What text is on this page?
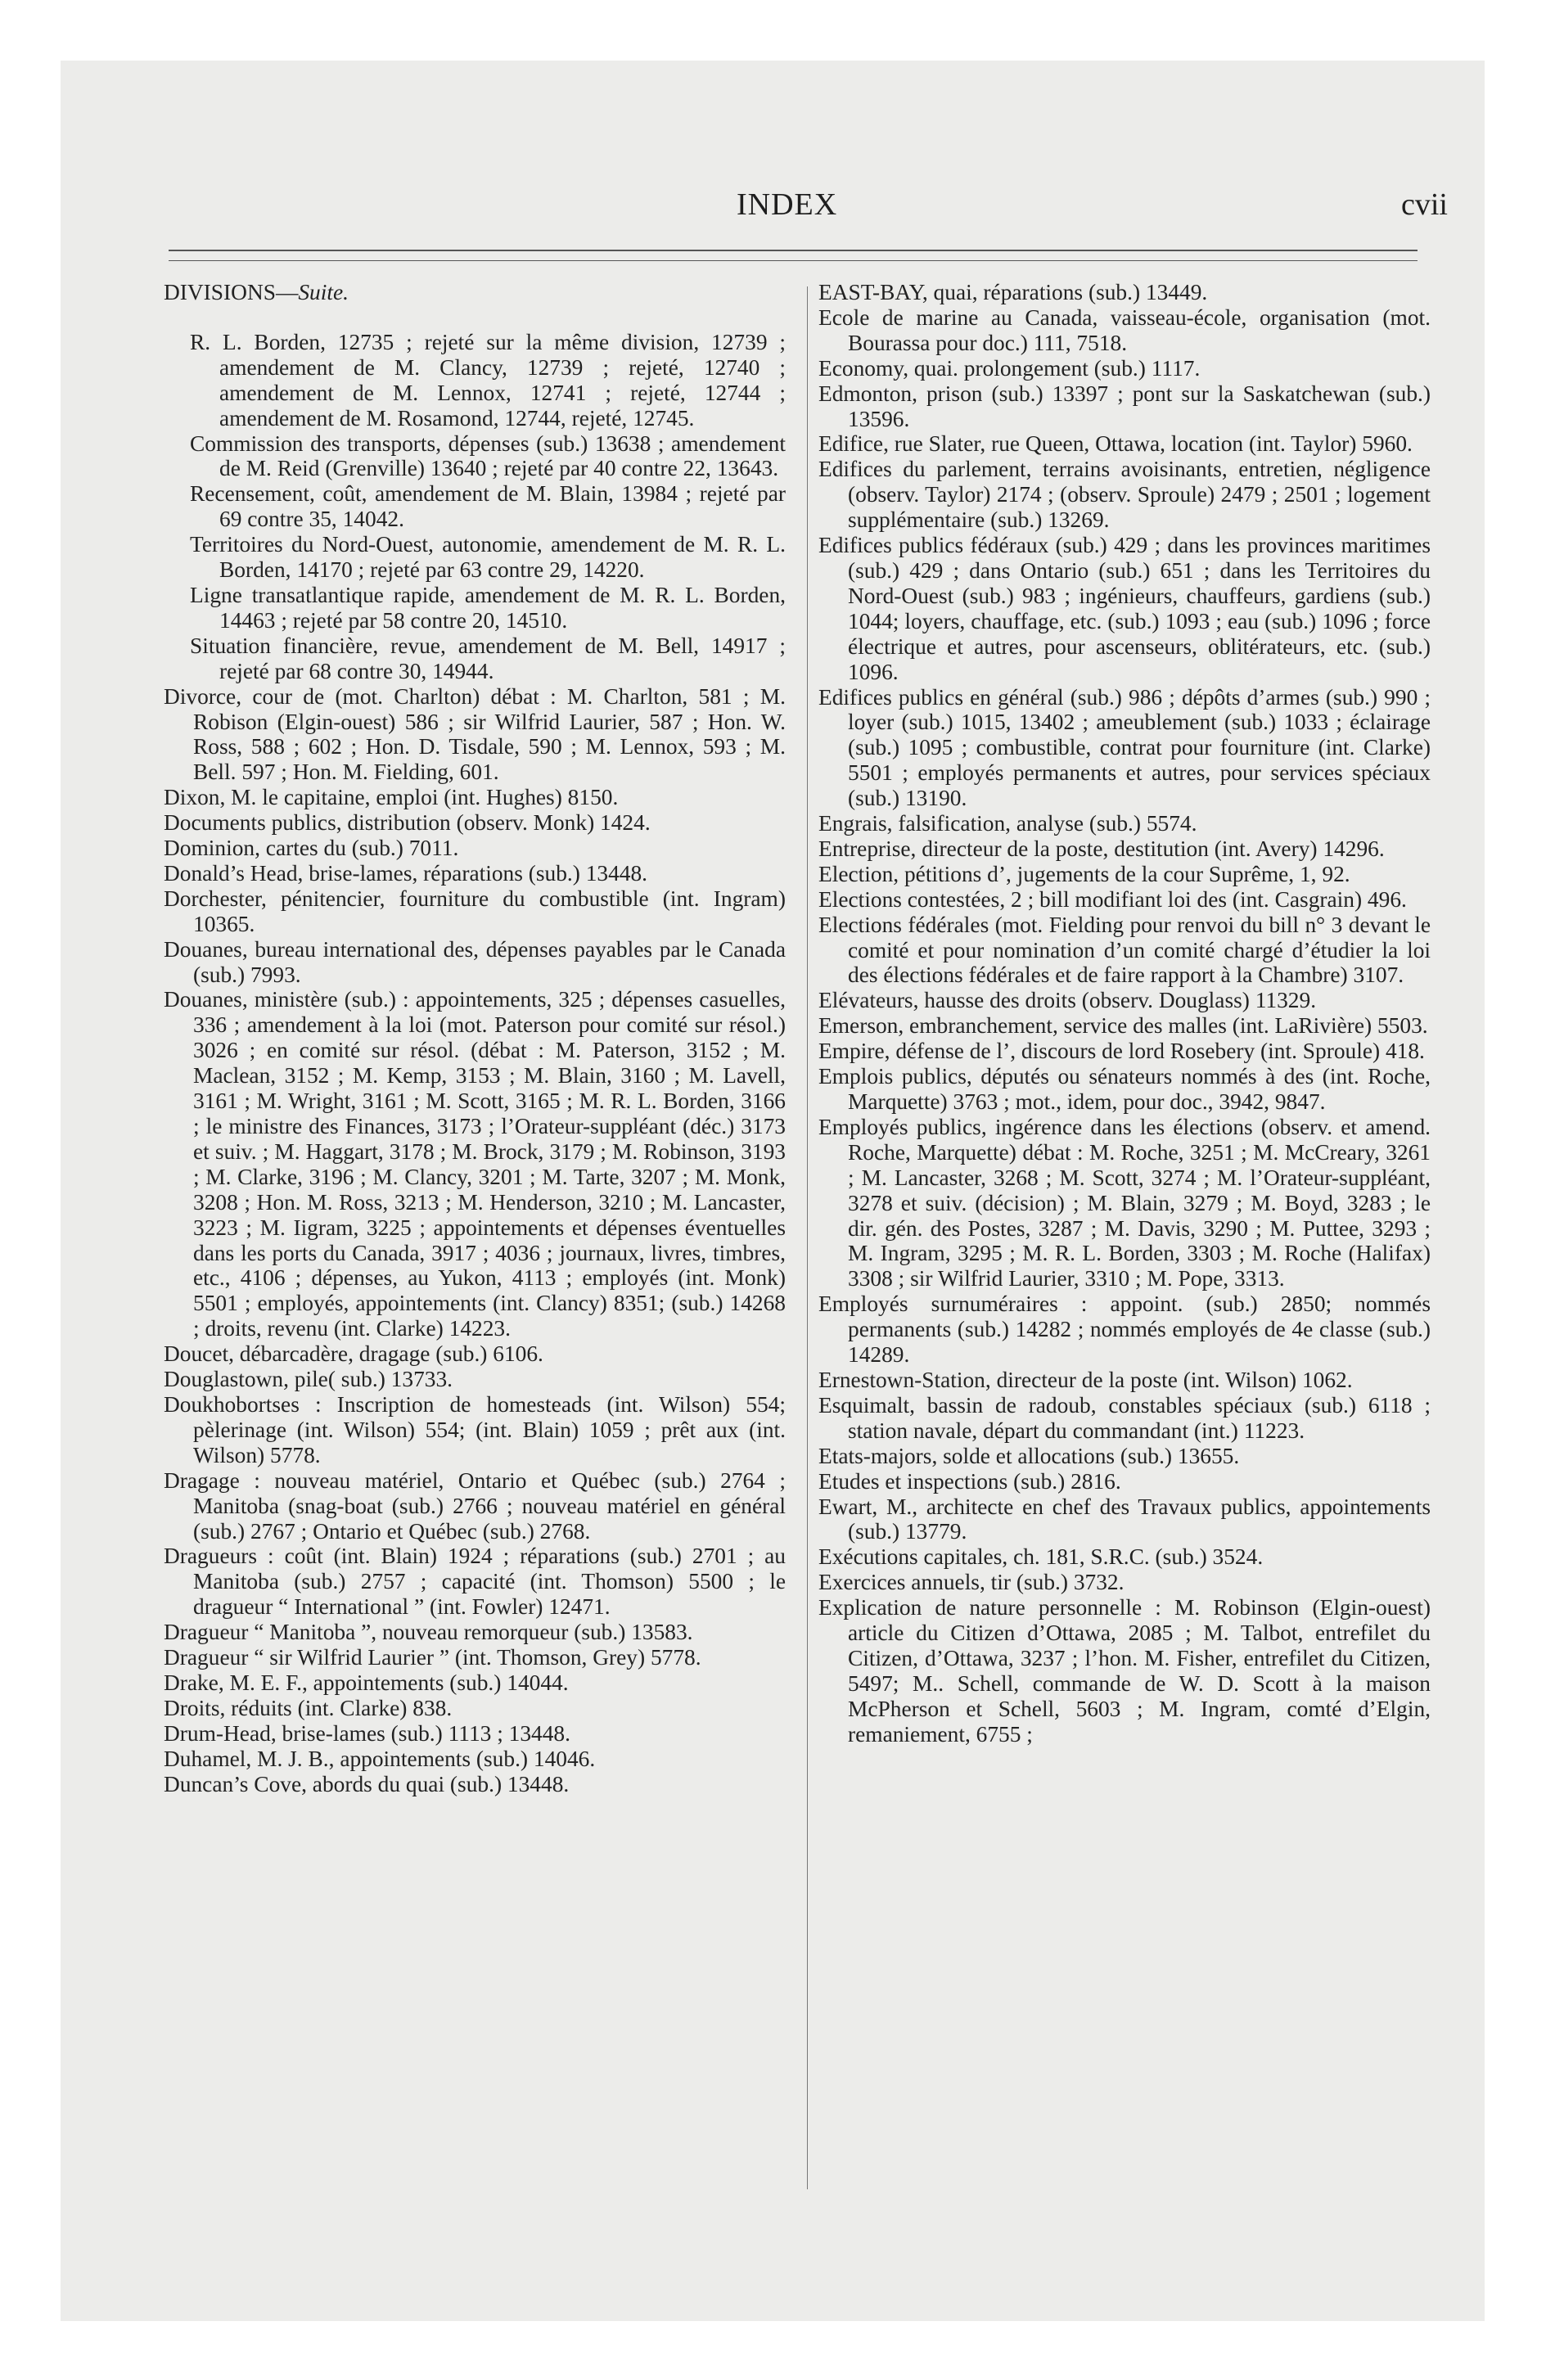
INDEX	cvii
DIVISIONS—Suite.
R. L. Borden, 12735 ; rejeté sur la même division, 12739 ; amendement de M. Clancy, 12739 ; rejeté, 12740 ; amendement de M. Lennox, 12741 ; rejeté, 12744 ; amendement de M. Rosamond, 12744, rejeté, 12745.
Commission des transports, dépenses (sub.) 13638 ; amendement de M. Reid (Grenville) 13640 ; rejeté par 40 contre 22, 13643.
Recensement, coût, amendement de M. Blain, 13984 ; rejeté par 69 contre 35, 14042.
Territoires du Nord-Ouest, autonomie, amendement de M. R. L. Borden, 14170 ; rejeté par 63 contre 29, 14220.
Ligne transatlantique rapide, amendement de M. R. L. Borden, 14463 ; rejeté par 58 contre 20, 14510.
Situation financière, revue, amendement de M. Bell, 14917 ; rejeté par 68 contre 30, 14944.
Divorce, cour de (mot. Charlton) débat : M. Charlton, 581 ; M. Robison (Elgin-ouest) 586 ; sir Wilfrid Laurier, 587 ; Hon. W. Ross, 588 ; 602 ; Hon. D. Tisdale, 590 ; M. Lennox, 593 ; M. Bell. 597 ; Hon. M. Fielding, 601.
Dixon, M. le capitaine, emploi (int. Hughes) 8150.
Documents publics, distribution (observ. Monk) 1424.
Dominion, cartes du (sub.) 7011.
Donald’s Head, brise-lames, réparations (sub.) 13448.
Dorchester, pénitencier, fourniture du combustible (int. Ingram) 10365.
Douanes, bureau international des, dépenses payables par le Canada (sub.) 7993.
Douanes, ministère (sub.) : appointements, 325 ; dépenses casuelles, 336 ; amendement à la loi (mot. Paterson pour comité sur résol.) 3026 ; en comité sur résol. (débat : M. Paterson, 3152 ; M. Maclean, 3152 ; M. Kemp, 3153 ; M. Blain, 3160 ; M. Lavell, 3161 ; M. Wright, 3161 ; M. Scott, 3165 ; M. R. L. Borden, 3166 ; le ministre des Finances, 3173 ; l’Orateur-suppléant (déc.) 3173 et suiv. ; M. Haggart, 3178 ; M. Brock, 3179 ; M. Robinson, 3193 ; M. Clarke, 3196 ; M. Clancy, 3201 ; M. Tarte, 3207 ; M. Monk, 3208 ; Hon. M. Ross, 3213 ; M. Henderson, 3210 ; M. Lancaster, 3223 ; M. Iigram, 3225 ; appointements et dépenses éventuelles dans les ports du Canada, 3917 ; 4036 ; journaux, livres, timbres, etc., 4106 ; dépenses, au Yukon, 4113 ; employés (int. Monk) 5501 ; employés, appointements (int. Clancy) 8351; (sub.) 14268 ; droits, revenu (int. Clarke) 14223.
Doucet, débarcadère, dragage (sub.) 6106.
Douglastown, pile( sub.) 13733.
Doukhobortses : Inscription de homesteads (int. Wilson) 554; pèlerinage (int. Wilson) 554; (int. Blain) 1059 ; prêt aux (int. Wilson) 5778.
Dragage : nouveau matériel, Ontario et Québec (sub.) 2764 ; Manitoba (snag-boat (sub.) 2766 ; nouveau matériel en général (sub.) 2767 ; Ontario et Québec (sub.) 2768.
Dragueurs : coût (int. Blain) 1924 ; réparations (sub.) 2701 ; au Manitoba (sub.) 2757 ; capacité (int. Thomson) 5500 ; le dragueur “ International ” (int. Fowler) 12471.
Dragueur “ Manitoba ”, nouveau remorqueur (sub.) 13583.
Dragueur “ sir Wilfrid Laurier ” (int. Thomson, Grey) 5778.
Drake, M. E. F., appointements (sub.) 14044.
Droits, réduits (int. Clarke) 838.
Drum-Head, brise-lames (sub.) 1113 ; 13448.
Duhamel, M. J. B., appointements (sub.) 14046.
Duncan’s Cove, abords du quai (sub.) 13448.
EAST-BAY, quai, réparations (sub.) 13449.
Ecole de marine au Canada, vaisseau-école, organisation (mot. Bourassa pour doc.) 111, 7518.
Economy, quai. prolongement (sub.) 1117.
Edmonton, prison (sub.) 13397 ; pont sur la Saskatchewan (sub.) 13596.
Edifice, rue Slater, rue Queen, Ottawa, location (int. Taylor) 5960.
Edifices du parlement, terrains avoisinants, entretien, négligence (observ. Taylor) 2174 ; (observ. Sproule) 2479 ; 2501 ; logement supplémentaire (sub.) 13269.
Edifices publics fédéraux (sub.) 429 ; dans les provinces maritimes (sub.) 429 ; dans Ontario (sub.) 651 ; dans les Territoires du Nord-Ouest (sub.) 983 ; ingénieurs, chauffeurs, gardiens (sub.) 1044; loyers, chauffage, etc. (sub.) 1093 ; eau (sub.) 1096 ; force électrique et autres, pour ascenseurs, oblitérateurs, etc. (sub.) 1096.
Edifices publics en général (sub.) 986 ; dépôts d’armes (sub.) 990 ; loyer (sub.) 1015, 13402 ; ameublement (sub.) 1033 ; éclairage (sub.) 1095 ; combustible, contrat pour fourniture (int. Clarke) 5501 ; employés permanents et autres, pour services spéciaux (sub.) 13190.
Engrais, falsification, analyse (sub.) 5574.
Entreprise, directeur de la poste, destitution (int. Avery) 14296.
Election, pétitions d’, jugements de la cour Suprême, 1, 92.
Elections contestées, 2 ; bill modifiant loi des (int. Casgrain) 496.
Elections fédérales (mot. Fielding pour renvoi du bill n° 3 devant le comité et pour nomination d’un comité chargé d’étudier la loi des élections fédérales et de faire rapport à la Chambre) 3107.
Elévateurs, hausse des droits (observ. Douglass) 11329.
Emerson, embranchement, service des malles (int. LaRivière) 5503.
Empire, défense de l’, discours de lord Rosebery (int. Sproule) 418.
Emplois publics, députés ou sénateurs nommés à des (int. Roche, Marquette) 3763 ; mot., idem, pour doc., 3942, 9847.
Employés publics, ingérence dans les élections (observ. et amend. Roche, Marquette) débat : M. Roche, 3251 ; M. McCreary, 3261 ; M. Lancaster, 3268 ; M. Scott, 3274 ; M. l’Orateur-suppléant, 3278 et suiv. (décision) ; M. Blain, 3279 ; M. Boyd, 3283 ; le dir. gén. des Postes, 3287 ; M. Davis, 3290 ; M. Puttee, 3293 ; M. Ingram, 3295 ; M. R. L. Borden, 3303 ; M. Roche (Halifax) 3308 ; sir Wilfrid Laurier, 3310 ; M. Pope, 3313.
Employés surnuméraires : appoint. (sub.) 2850; nommés permanents (sub.) 14282 ; nommés employés de 4e classe (sub.) 14289.
Ernestown-Station, directeur de la poste (int. Wilson) 1062.
Esquimalt, bassin de radoub, constables spéciaux (sub.) 6118 ; station navale, départ du commandant (int.) 11223.
Etats-majors, solde et allocations (sub.) 13655.
Etudes et inspections (sub.) 2816.
Ewart, M., architecte en chef des Travaux publics, appointements (sub.) 13779.
Exécutions capitales, ch. 181, S.R.C. (sub.) 3524.
Exercices annuels, tir (sub.) 3732.
Explication de nature personnelle : M. Robinson (Elgin-ouest) article du Citizen d’Ottawa, 2085 ; M. Talbot, entrefilet du Citizen, d’Ottawa, 3237 ; l’hon. M. Fisher, entrefilet du Citizen, 5497; M.. Schell, commande de W. D. Scott à la maison McPherson et Schell, 5603 ; M. Ingram, comté d’Elgin, remaniement, 6755 ;
